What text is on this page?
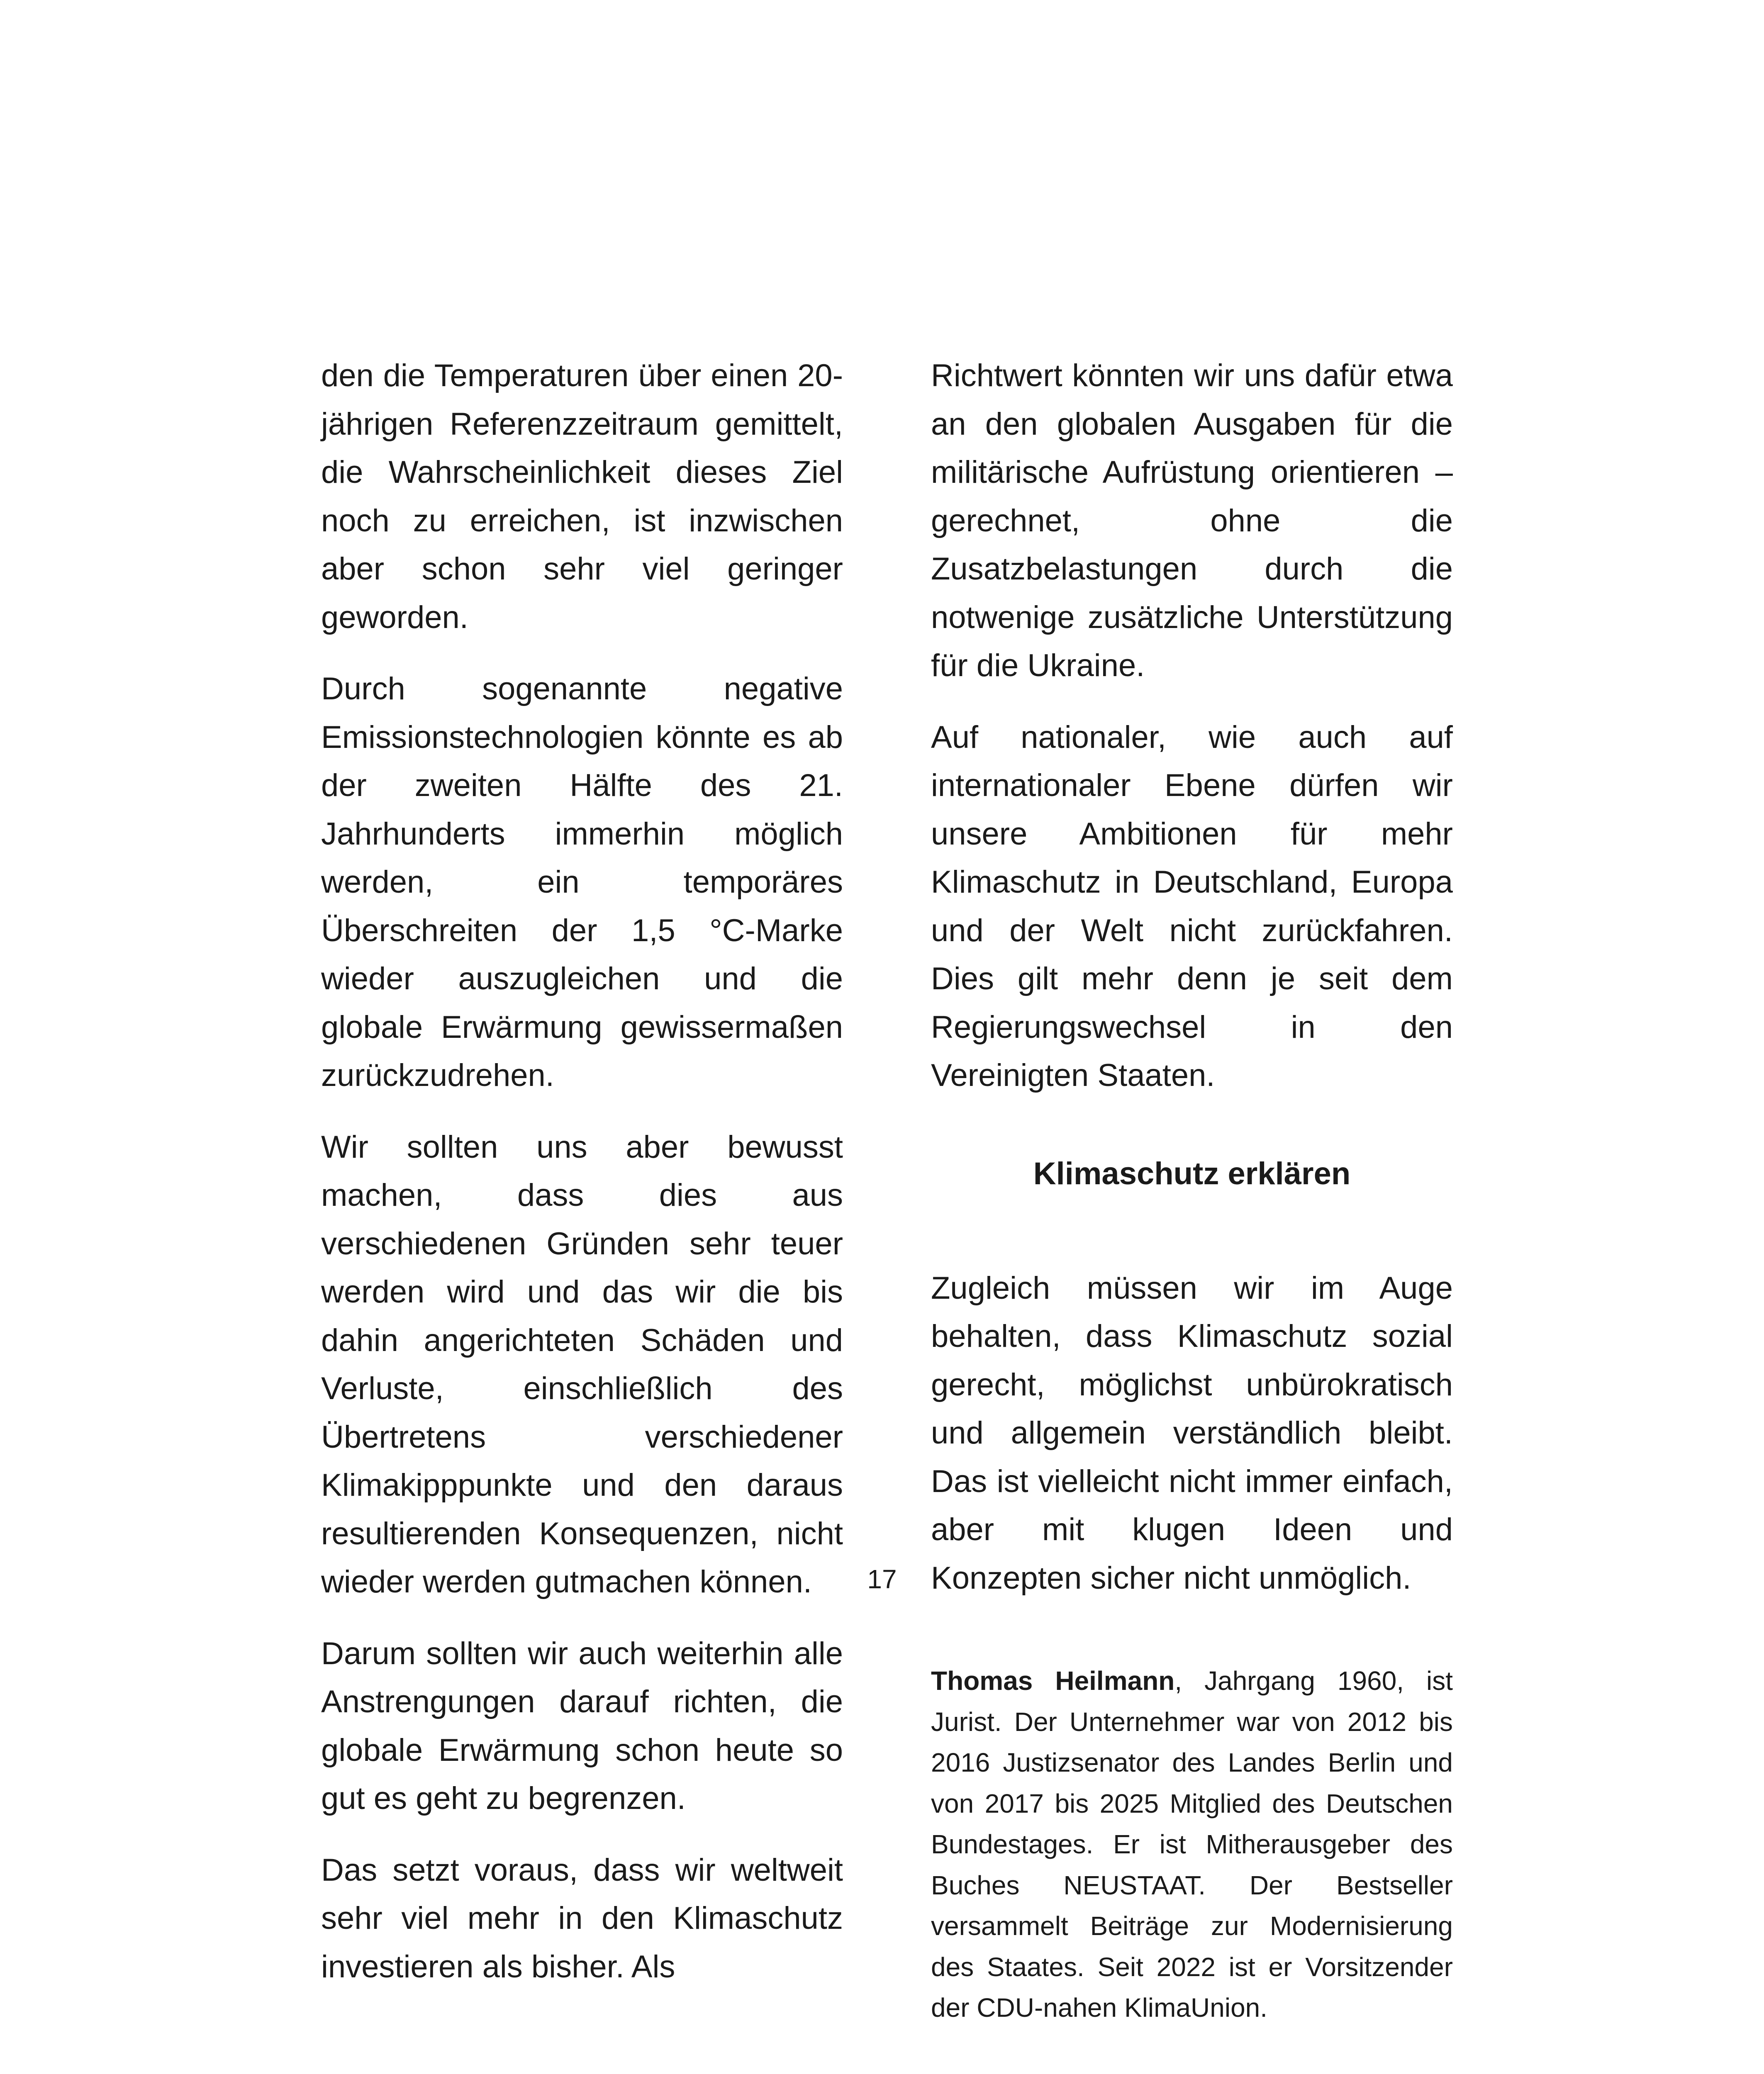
den die Temperaturen über einen 20-jährigen Referenzzeitraum gemittelt, die Wahrscheinlichkeit dieses Ziel noch zu erreichen, ist inzwischen aber schon sehr viel geringer geworden.

Durch sogenannte negative Emissionstechnologien könnte es ab der zweiten Hälfte des 21. Jahrhunderts immerhin möglich werden, ein temporäres Überschreiten der 1,5 °C-Marke wieder auszugleichen und die globale Erwärmung gewissermaßen zurückzudrehen.

Wir sollten uns aber bewusst machen, dass dies aus verschiedenen Gründen sehr teuer werden wird und das wir die bis dahin angerichteten Schäden und Verluste, einschließlich des Übertretens verschiedener Klimakipppunkte und den daraus resultierenden Konsequenzen, nicht wieder werden gutmachen können.

Darum sollten wir auch weiterhin alle Anstrengungen darauf richten, die globale Erwärmung schon heute so gut es geht zu begrenzen.

Das setzt voraus, dass wir weltweit sehr viel mehr in den Klimaschutz investieren als bisher. Als

Richtwert könnten wir uns dafür etwa an den globalen Ausgaben für die militärische Aufrüstung orientieren – gerechnet, ohne die Zusatzbelastungen durch die notwenige zusätzliche Unterstützung für die Ukraine.

Auf nationaler, wie auch auf internationaler Ebene dürfen wir unsere Ambitionen für mehr Klimaschutz in Deutschland, Europa und der Welt nicht zurückfahren. Dies gilt mehr denn je seit dem Regierungswechsel in den Vereinigten Staaten.

Klimaschutz erklären

Zugleich müssen wir im Auge behalten, dass Klimaschutz sozial gerecht, möglichst unbürokratisch und allgemein verständlich bleibt. Das ist vielleicht nicht immer einfach, aber mit klugen Ideen und Konzepten sicher nicht unmöglich.

Thomas Heilmann, Jahrgang 1960, ist Jurist. Der Unternehmer war von 2012 bis 2016 Justizsenator des Landes Berlin und von 2017 bis 2025 Mitglied des Deutschen Bundestages. Er ist Mitherausgeber des Buches NEUSTAAT. Der Bestseller versammelt Beiträge zur Modernisierung des Staates. Seit 2022 ist er Vorsitzender der CDU-nahen KlimaUnion.

17
